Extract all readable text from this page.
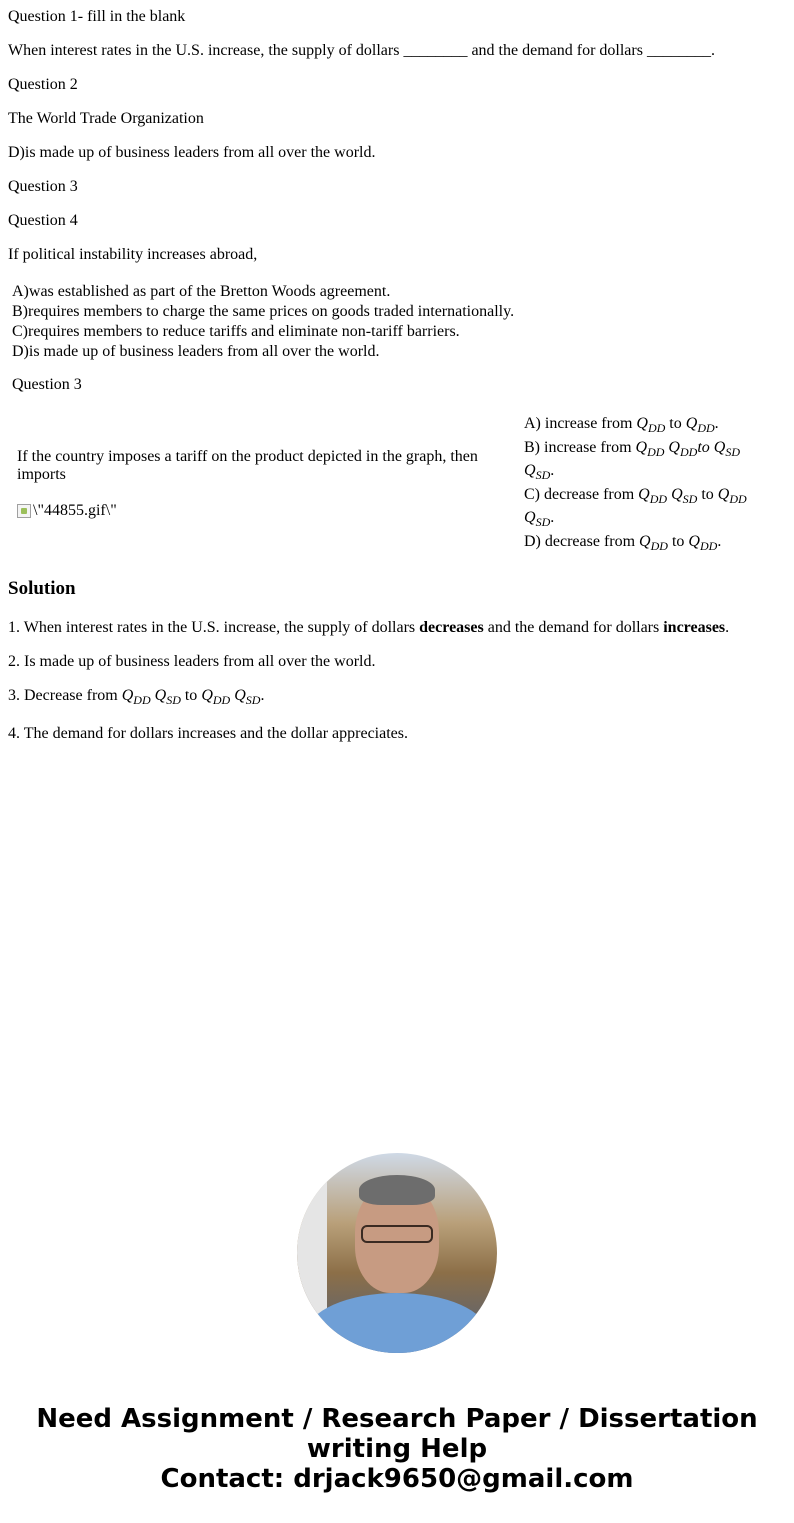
Question 1- fill in the blank

When interest rates in the U.S. increase, the supply of dollars ________ and the demand for dollars ________.

Question 2

The World Trade Organization

D)is made up of business leaders from all over the world.

Question 3

Question 4

If political instability increases abroad,

A)was established as part of the Bretton Woods agreement.
B)requires members to charge the same prices on goods traded internationally.
C)requires members to reduce tariffs and eliminate non-tariff barriers.
D)is made up of business leaders from all over the world.
Question 3
If the country imposes a tariff on the product depicted in the graph, then imports
\"44855.gif\"
A) increase from $Q_{DD}$ to $Q_{DD}$.
B) increase from $Q_{DD}$ $Q_{DD}to$ $Q_{SD}$
$Q_{SD}$.
C) decrease from $Q_{DD}$ $Q_{SD}$ to $Q_{DD}$
$Q_{SD}$.
D) decrease from $Q_{DD}$ to $Q_{DD}$.
Solution

1. When interest rates in the U.S. increase, the supply of dollars decreases and the demand for dollars increases.

2. Is made up of business leaders from all over the world.

3. Decrease from $Q_{DD}$ $Q_{SD}$ to $Q_{DD}$ $Q_{SD}$.

4. The demand for dollars increases and the dollar appreciates.

Need Assignment / Research Paper / Dissertation
writing Help
Contact: drjack9650@gmail.com
